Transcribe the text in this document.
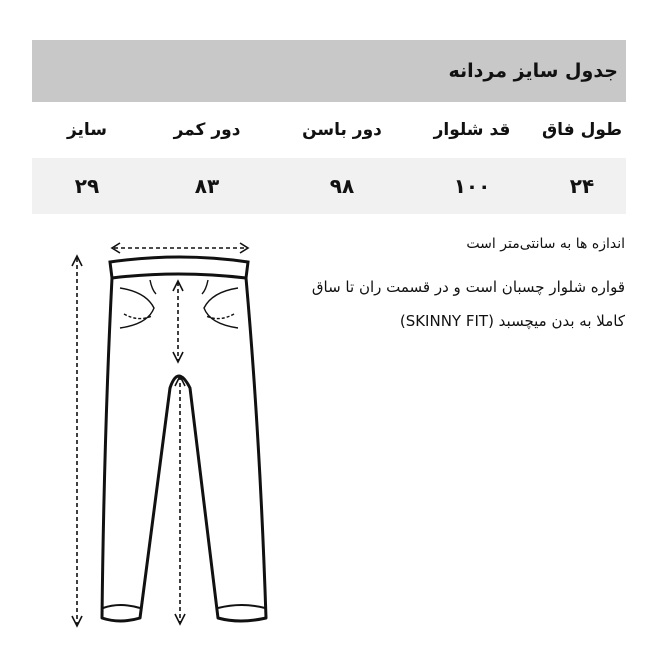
جدول سایز مردانه
طول فاق
قد شلوار
دور باسن
دور کمر
سایز
۲۴
۱۰۰
۹۸
۸۳
۲۹
اندازه ها به سانتی‌متر است
قواره شلوار چسبان است و در قسمت ران تا ساق
کاملا به بدن میچسبد (SKINNY FIT)
